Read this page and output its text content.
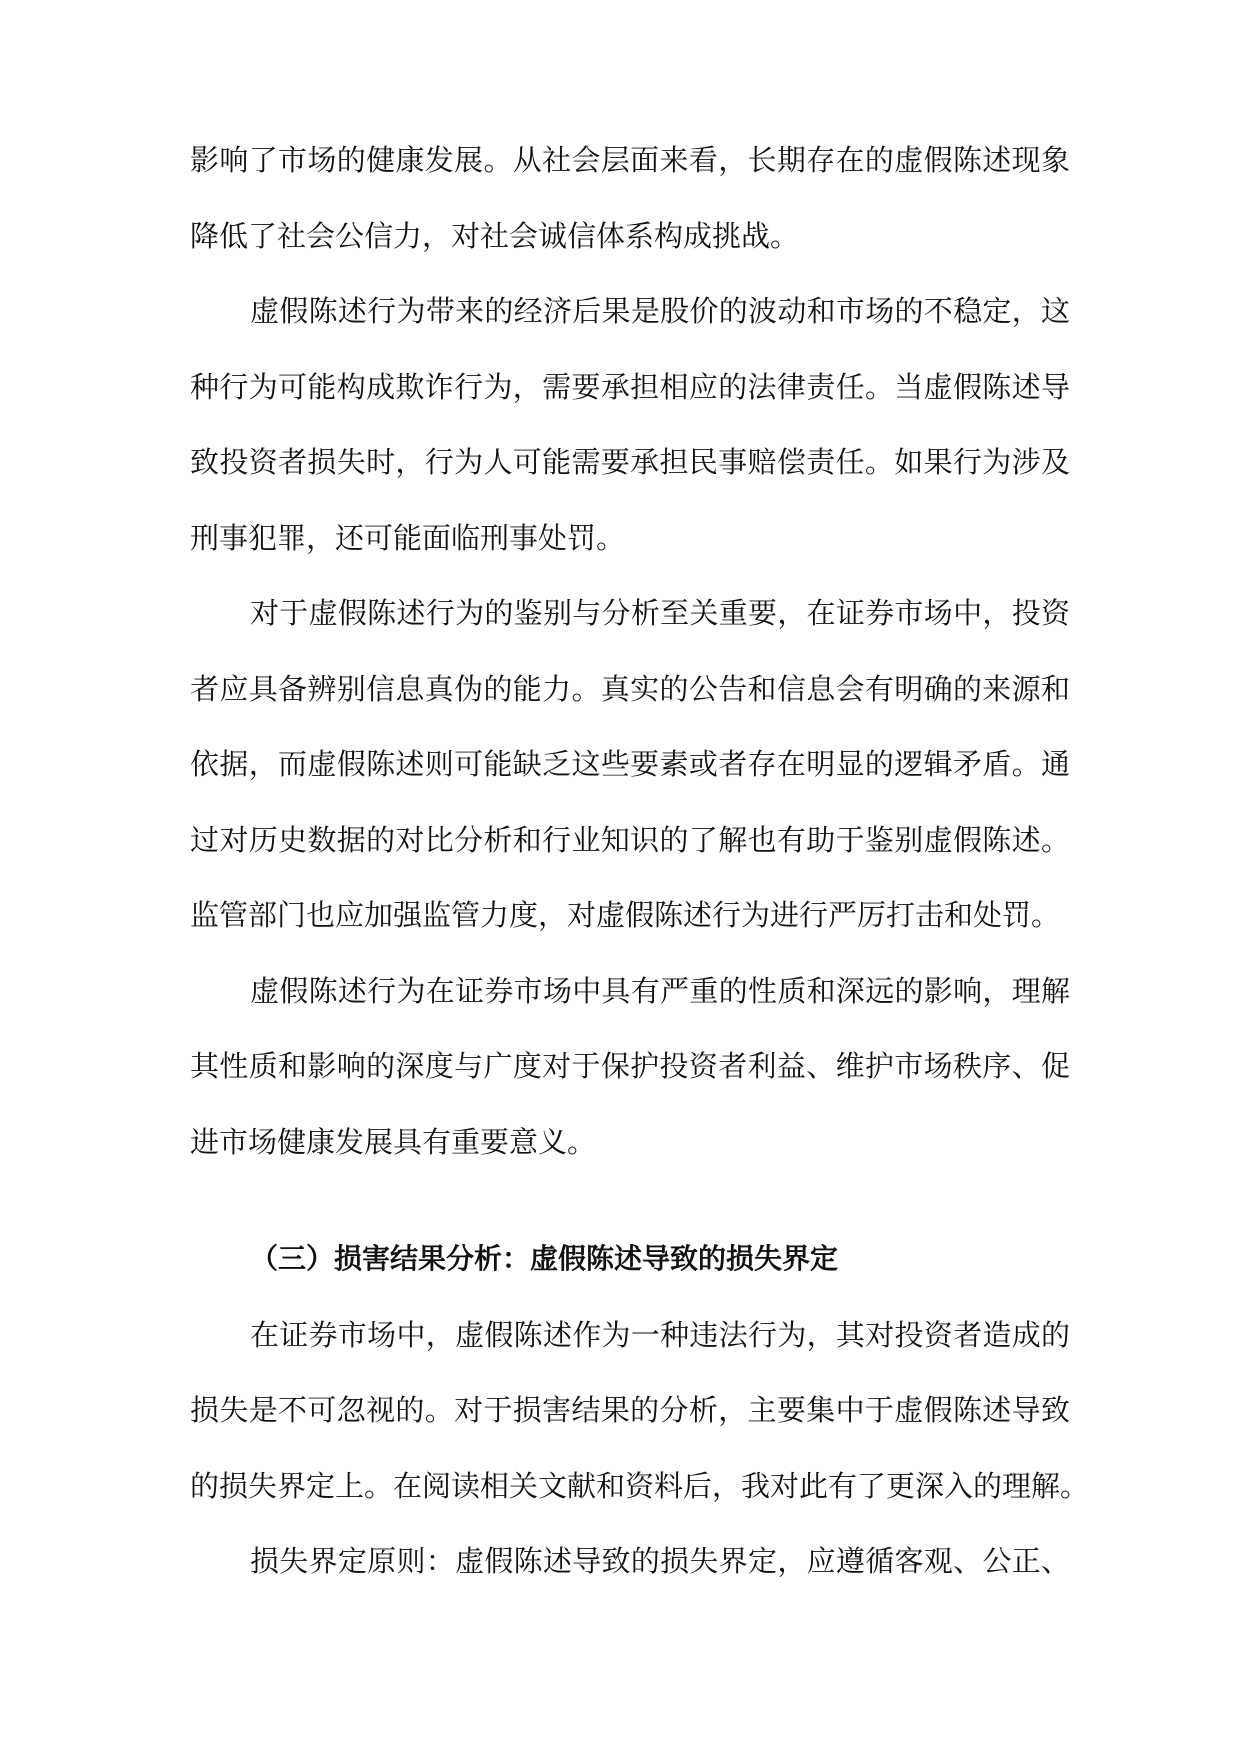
影响了市场的健康发展。从社会层面来看，长期存在的虚假陈述现象
降低了社会公信力，对社会诚信体系构成挑战。
虚假陈述行为带来的经济后果是股价的波动和市场的不稳定，这
种行为可能构成欺诈行为，需要承担相应的法律责任。当虚假陈述导
致投资者损失时，行为人可能需要承担民事赔偿责任。如果行为涉及
刑事犯罪，还可能面临刑事处罚。
对于虚假陈述行为的鉴别与分析至关重要，在证券市场中，投资
者应具备辨别信息真伪的能力。真实的公告和信息会有明确的来源和
依据，而虚假陈述则可能缺乏这些要素或者存在明显的逻辑矛盾。通
过对历史数据的对比分析和行业知识的了解也有助于鉴别虚假陈述。
监管部门也应加强监管力度，对虚假陈述行为进行严厉打击和处罚。
虚假陈述行为在证券市场中具有严重的性质和深远的影响，理解
其性质和影响的深度与广度对于保护投资者利益、维护市场秩序、促
进市场健康发展具有重要意义。
（三）损害结果分析：虚假陈述导致的损失界定
在证券市场中，虚假陈述作为一种违法行为，其对投资者造成的
损失是不可忽视的。对于损害结果的分析，主要集中于虚假陈述导致
的损失界定上。在阅读相关文献和资料后，我对此有了更深入的理解。
损失界定原则：虚假陈述导致的损失界定，应遵循客观、公正、
